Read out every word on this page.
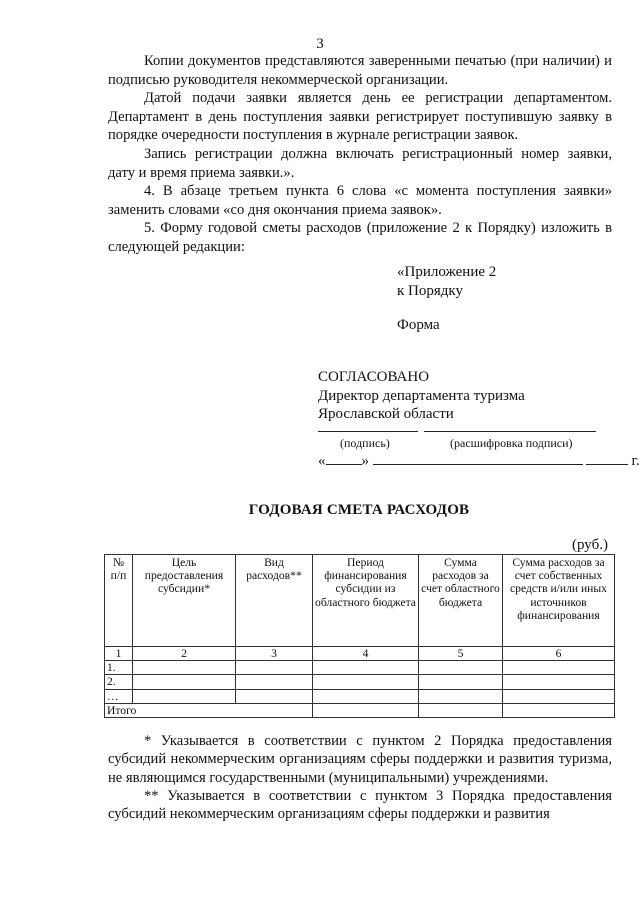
3

Копии документов представляются заверенными печатью (при наличии) и подписью руководителя некоммерческой организации.

Датой подачи заявки является день ее регистрации департаментом. Департамент в день поступления заявки регистрирует поступившую заявку в порядке очередности поступления в журнале регистрации заявок.

Запись регистрации должна включать регистрационный номер заявки, дату и время приема заявки.».

4. В абзаце третьем пункта 6 слова «с момента поступления заявки» заменить словами «со дня окончания приема заявок».

5. Форму годовой сметы расходов (приложение 2 к Порядку) изложить в следующей редакции:

«Приложение 2
к Порядку
Форма
СОГЛАСОВАНО
Директор департамента туризма
Ярославской области
(подпись)	(расшифровка подписи)
« »	г.
ГОДОВАЯ СМЕТА РАСХОДОВ
(руб.)
№ п/п	Цель предоставления субсидии*	Вид расходов**	Период финансирования субсидии из областного бюджета	Сумма расходов за счет областного бюджета	Сумма расходов за счет собственных средств и/или иных источников финансирования
1	2	3	4	5	6
1.					
2.					
…					
Итого					

* Указывается в соответствии с пунктом 2 Порядка предоставления субсидий некоммерческим организациям сферы поддержки и развития туризма, не являющимся государственными (муниципальными) учреждениями.

** Указывается в соответствии с пунктом 3 Порядка предоставления субсидий некоммерческим организациям сферы поддержки и развития
